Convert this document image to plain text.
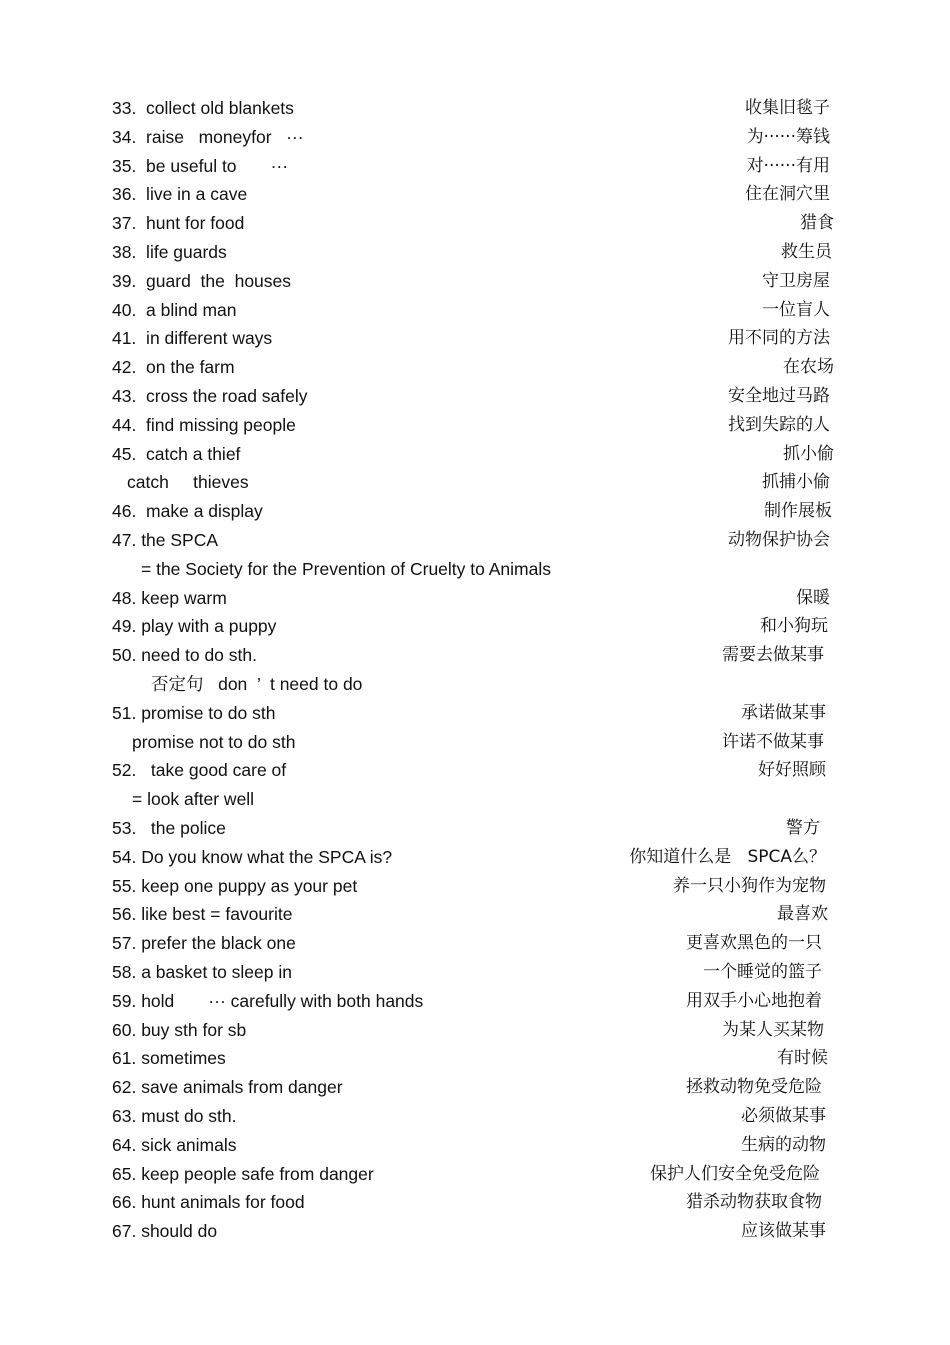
33.  collect old blankets	收集旧毯子
34.  raise   moneyfor   ···	为······筹钱
35.  be useful to       ···	对······有用
36.  live in a cave	住在洞穴里
37.  hunt for food	猎食
38.  life guards	救生员
39.  guard  the  houses	守卫房屋
40.  a blind man	一位盲人
41.  in different ways	用不同的方法
42.  on the farm	在农场
43.  cross the road safely	安全地过马路
44.  find missing people	找到失踪的人
45.  catch a thief	抓小偷
catch     thieves	抓捕小偷
46.  make a display	制作展板
47. the SPCA	动物保护协会
= the Society for the Prevention of Cruelty to Animals
48. keep warm	保暖
49. play with a puppy	和小狗玩
50. need to do sth.	需要去做某事
否定句   don  ’  t need to do
51. promise to do sth	承诺做某事
promise not to do sth	许诺不做某事
52.   take good care of	好好照顾
= look after well
53.   the police	警方
54. Do you know what the SPCA is?	你知道什么是   SPCA么？
55. keep one puppy as your pet	养一只小狗作为宠物
56. like best = favourite	最喜欢
57. prefer the black one	更喜欢黑色的一只
58. a basket to sleep in	一个睡觉的篮子
59. hold       ··· carefully with both hands	用双手小心地抱着
60. buy sth for sb	为某人买某物
61. sometimes	有时候
62. save animals from danger	拯救动物免受危险
63. must do sth.	必须做某事
64. sick animals	生病的动物
65. keep people safe from danger	保护人们安全免受危险
66. hunt animals for food	猎杀动物获取食物
67. should do	应该做某事
